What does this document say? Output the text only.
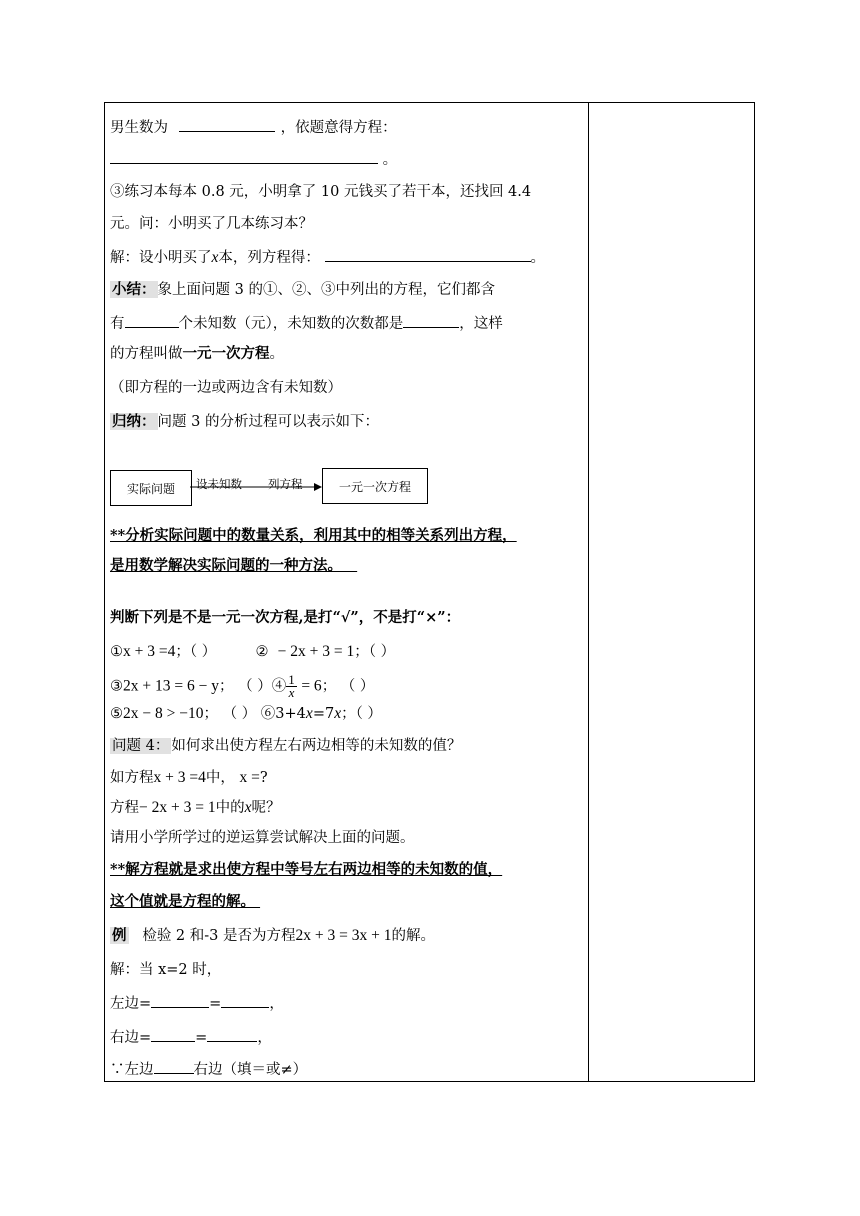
男生数为	，依题意得方程：
。
③练习本每本 0.8 元，小明拿了 10 元钱买了若干本，还找回 4.4
元。问：小明买了几本练习本？
解：设小明买了x本，列方程得：	。
小结： 象上面问题 3 的①、②、③中列出的方程，它们都含
有	个未知数（元），未知数的次数都是	，这样
的方程叫做一元一次方程。
（即方程的一边或两边含有未知数）
归纳： 问题 3 的分析过程可以表示如下：
实际问题 设未知数 列方程	一元一次方程
**分析实际问题中的数量关系，利用其中的相等关系列出方程，
是用数学解决实际问题的一种方法。
判断下列是不是一元一次方程,是打“√”，不是打“×”：
①x + 3 =4；（ ）	② − 2x + 3 = 1；（ ）
③2x + 13 = 6 − y； （ ）④ $\frac{1}{x} = 6$； （ ）
⑤2x − 8 > −10； （ ） ⑥3+4x=7x；（ ）
问题 4： 如何求出使方程左右两边相等的未知数的值？
如方程x + 3 =4中， x =?
方程− 2x + 3 = 1中的x呢？
请用小学所学过的逆运算尝试解决上面的问题。
**解方程就是求出使方程中等号左右两边相等的未知数的值，
这个值就是方程的解。
例 检验 2 和-3 是否为方程2x + 3 = 3x + 1的解。
解：当 x=2 时，
左边=	=	，
右边=	=	，
∵左边	右边（填＝或≠）
